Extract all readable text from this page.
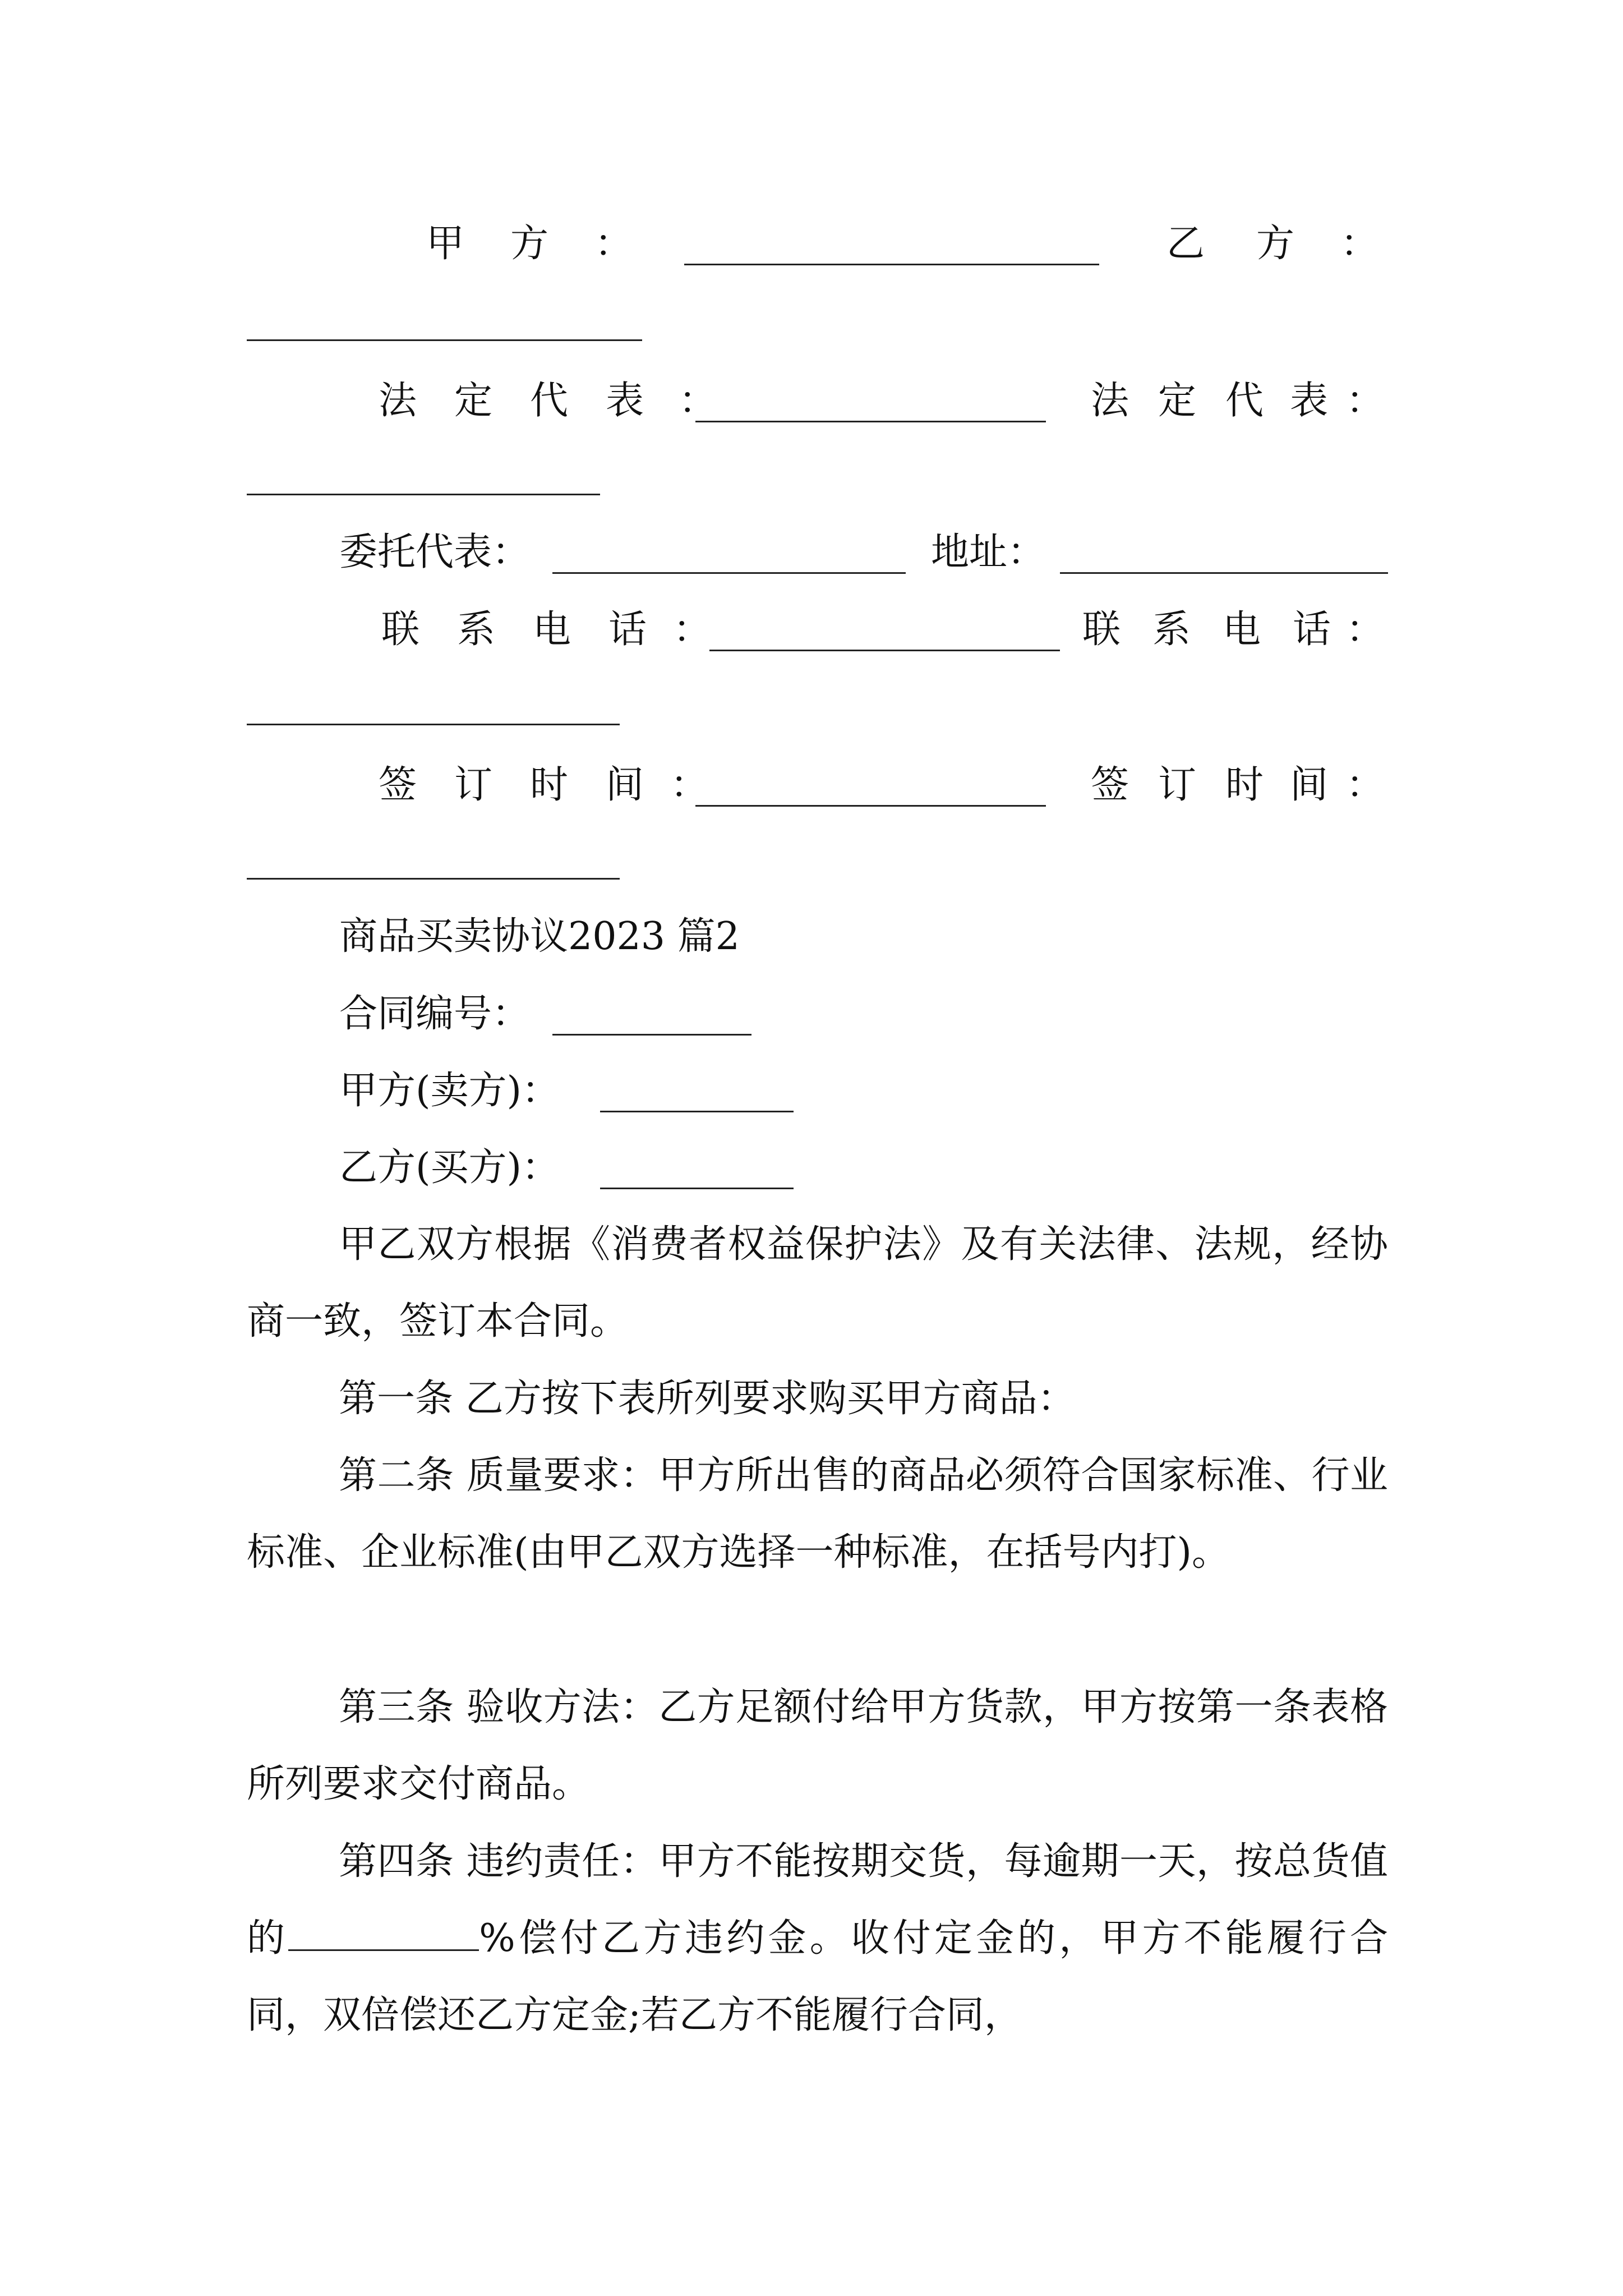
甲 方 ：	乙 方 ：
法 定 代 表 ：	法 定 代 表 ：
委托代表：	地址：
联 系 电 话 ：	联 系 电 话 ：
签 订 时 间 ：	签 订 时 间 ：
商品买卖协议2023 篇2
合同编号：
甲方(卖方)：
乙方(买方)：

甲乙双方根据《消费者权益保护法》及有关法律、法规，经协商一致，签订本合同。

第一条 乙方按下表所列要求购买甲方商品：

第二条 质量要求：甲方所出售的商品必须符合国家标准、行业标准、企业标准(由甲乙双方选择一种标准，在括号内打)。

第三条 验收方法：乙方足额付给甲方货款，甲方按第一条表格所列要求交付商品。

第四条 违约责任：甲方不能按期交货，每逾期一天，按总货值的	%偿付乙方违约金。收付定金的，甲方不能履行合同，双倍偿还乙方定金;若乙方不能履行合同，
